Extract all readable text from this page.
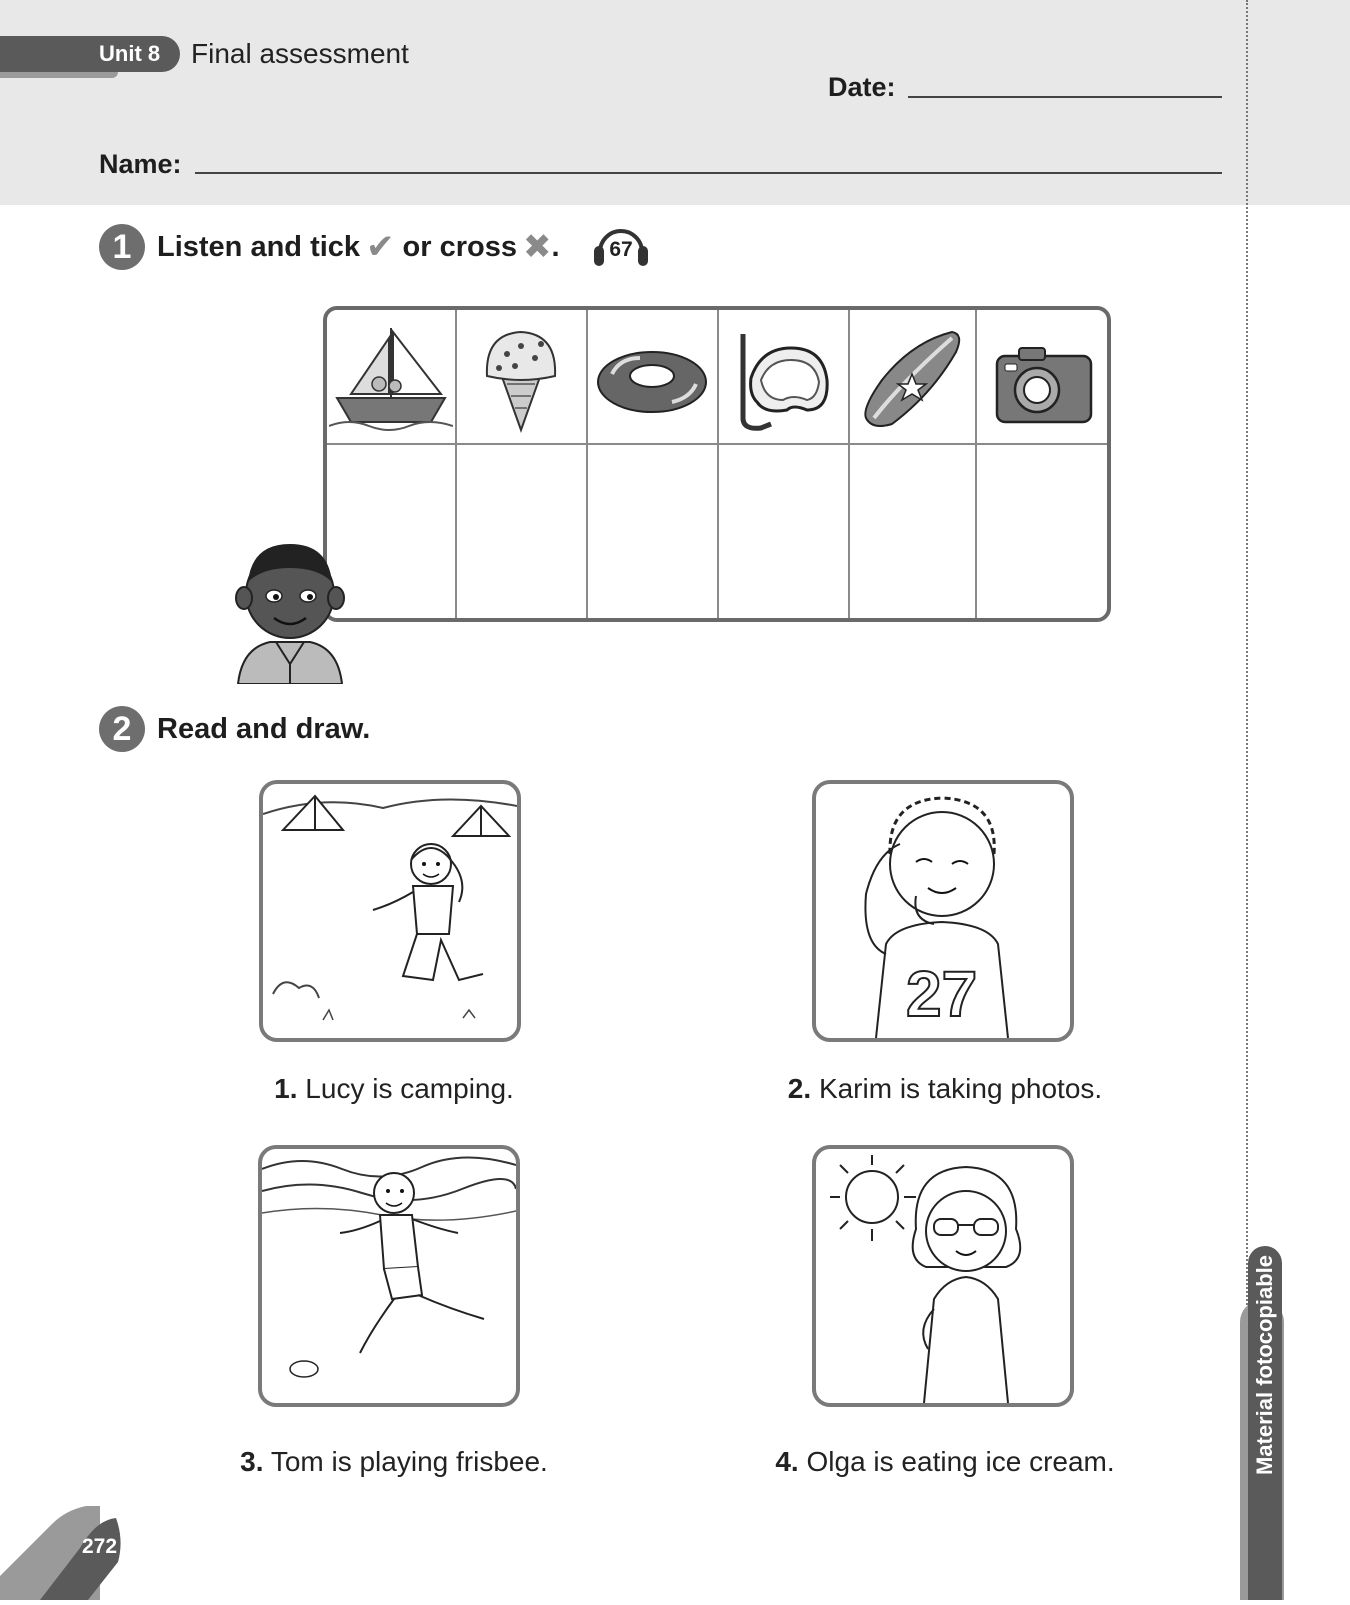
Unit 8 Final assessment
Date:
Name:
1 Listen and tick ✔ or cross ✖.	67
2 Read and draw.
1. Lucy is camping.
27
2. Karim is taking photos.
3. Tom is playing frisbee.	4. Olga is eating ice cream.	Material fotocopiable
272
